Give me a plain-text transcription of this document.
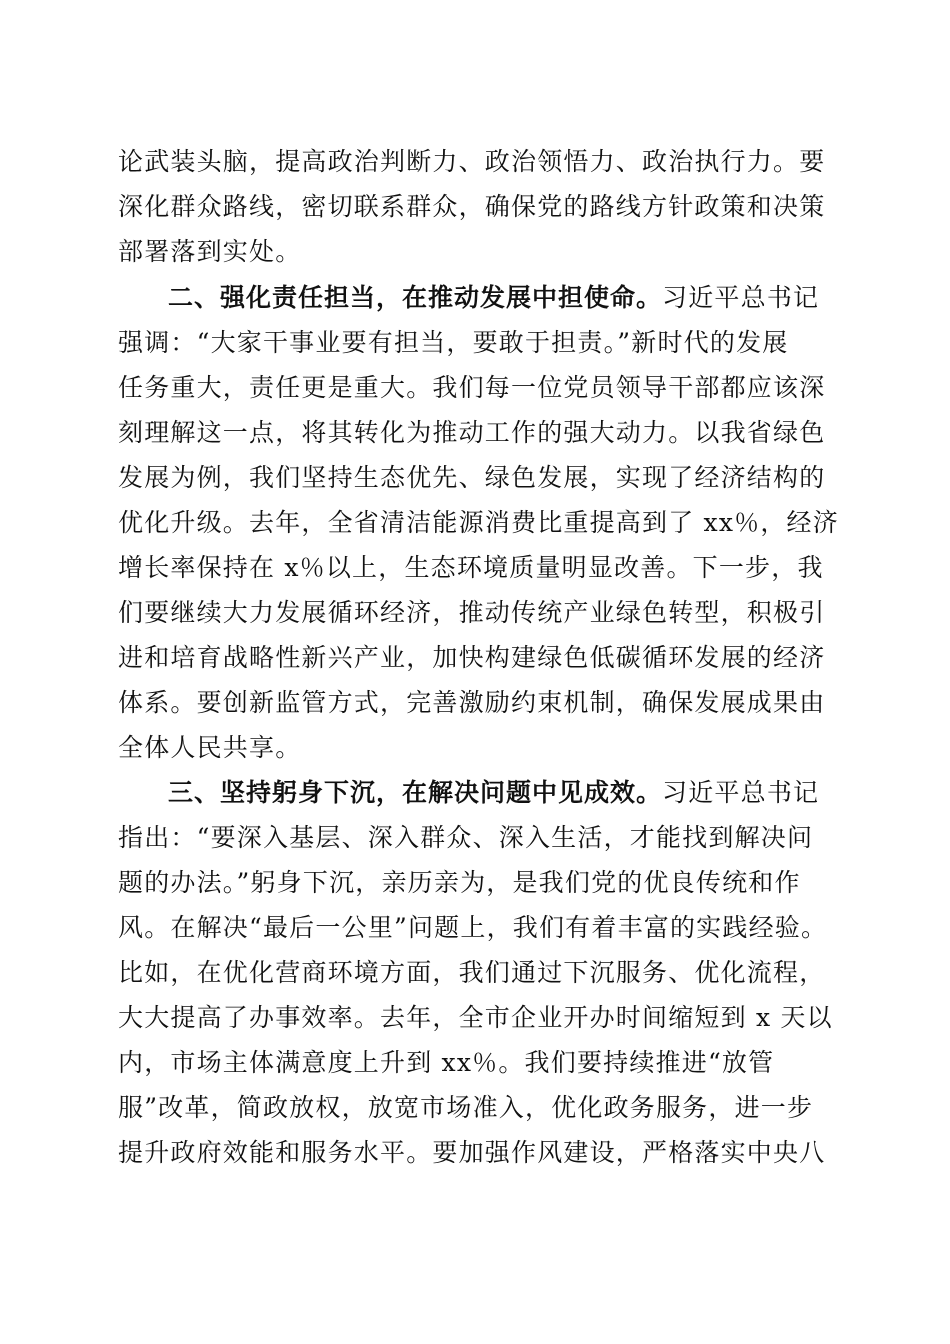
论武装头脑，提高政治判断力、政治领悟力、政治执行力。要
深化群众路线，密切联系群众，确保党的路线方针政策和决策
部署落到实处。
二、强化责任担当，在推动发展中担使命。习近平总书记
强调：“大家干事业要有担当，要敢于担责。”新时代的发展
任务重大，责任更是重大。我们每一位党员领导干部都应该深
刻理解这一点，将其转化为推动工作的强大动力。以我省绿色
发展为例，我们坚持生态优先、绿色发展，实现了经济结构的
优化升级。去年，全省清洁能源消费比重提高到了 xx％，经济
增长率保持在 x％以上，生态环境质量明显改善。下一步，我
们要继续大力发展循环经济，推动传统产业绿色转型，积极引
进和培育战略性新兴产业，加快构建绿色低碳循环发展的经济
体系。要创新监管方式，完善激励约束机制，确保发展成果由
全体人民共享。
三、坚持躬身下沉，在解决问题中见成效。习近平总书记
指出：“要深入基层、深入群众、深入生活，才能找到解决问
题的办法。”躬身下沉，亲历亲为，是我们党的优良传统和作
风。在解决“最后一公里”问题上，我们有着丰富的实践经验。
比如，在优化营商环境方面，我们通过下沉服务、优化流程，
大大提高了办事效率。去年，全市企业开办时间缩短到 x 天以
内，市场主体满意度上升到 xx％。我们要持续推进“放管
服”改革，简政放权，放宽市场准入，优化政务服务，进一步
提升政府效能和服务水平。要加强作风建设，严格落实中央八
